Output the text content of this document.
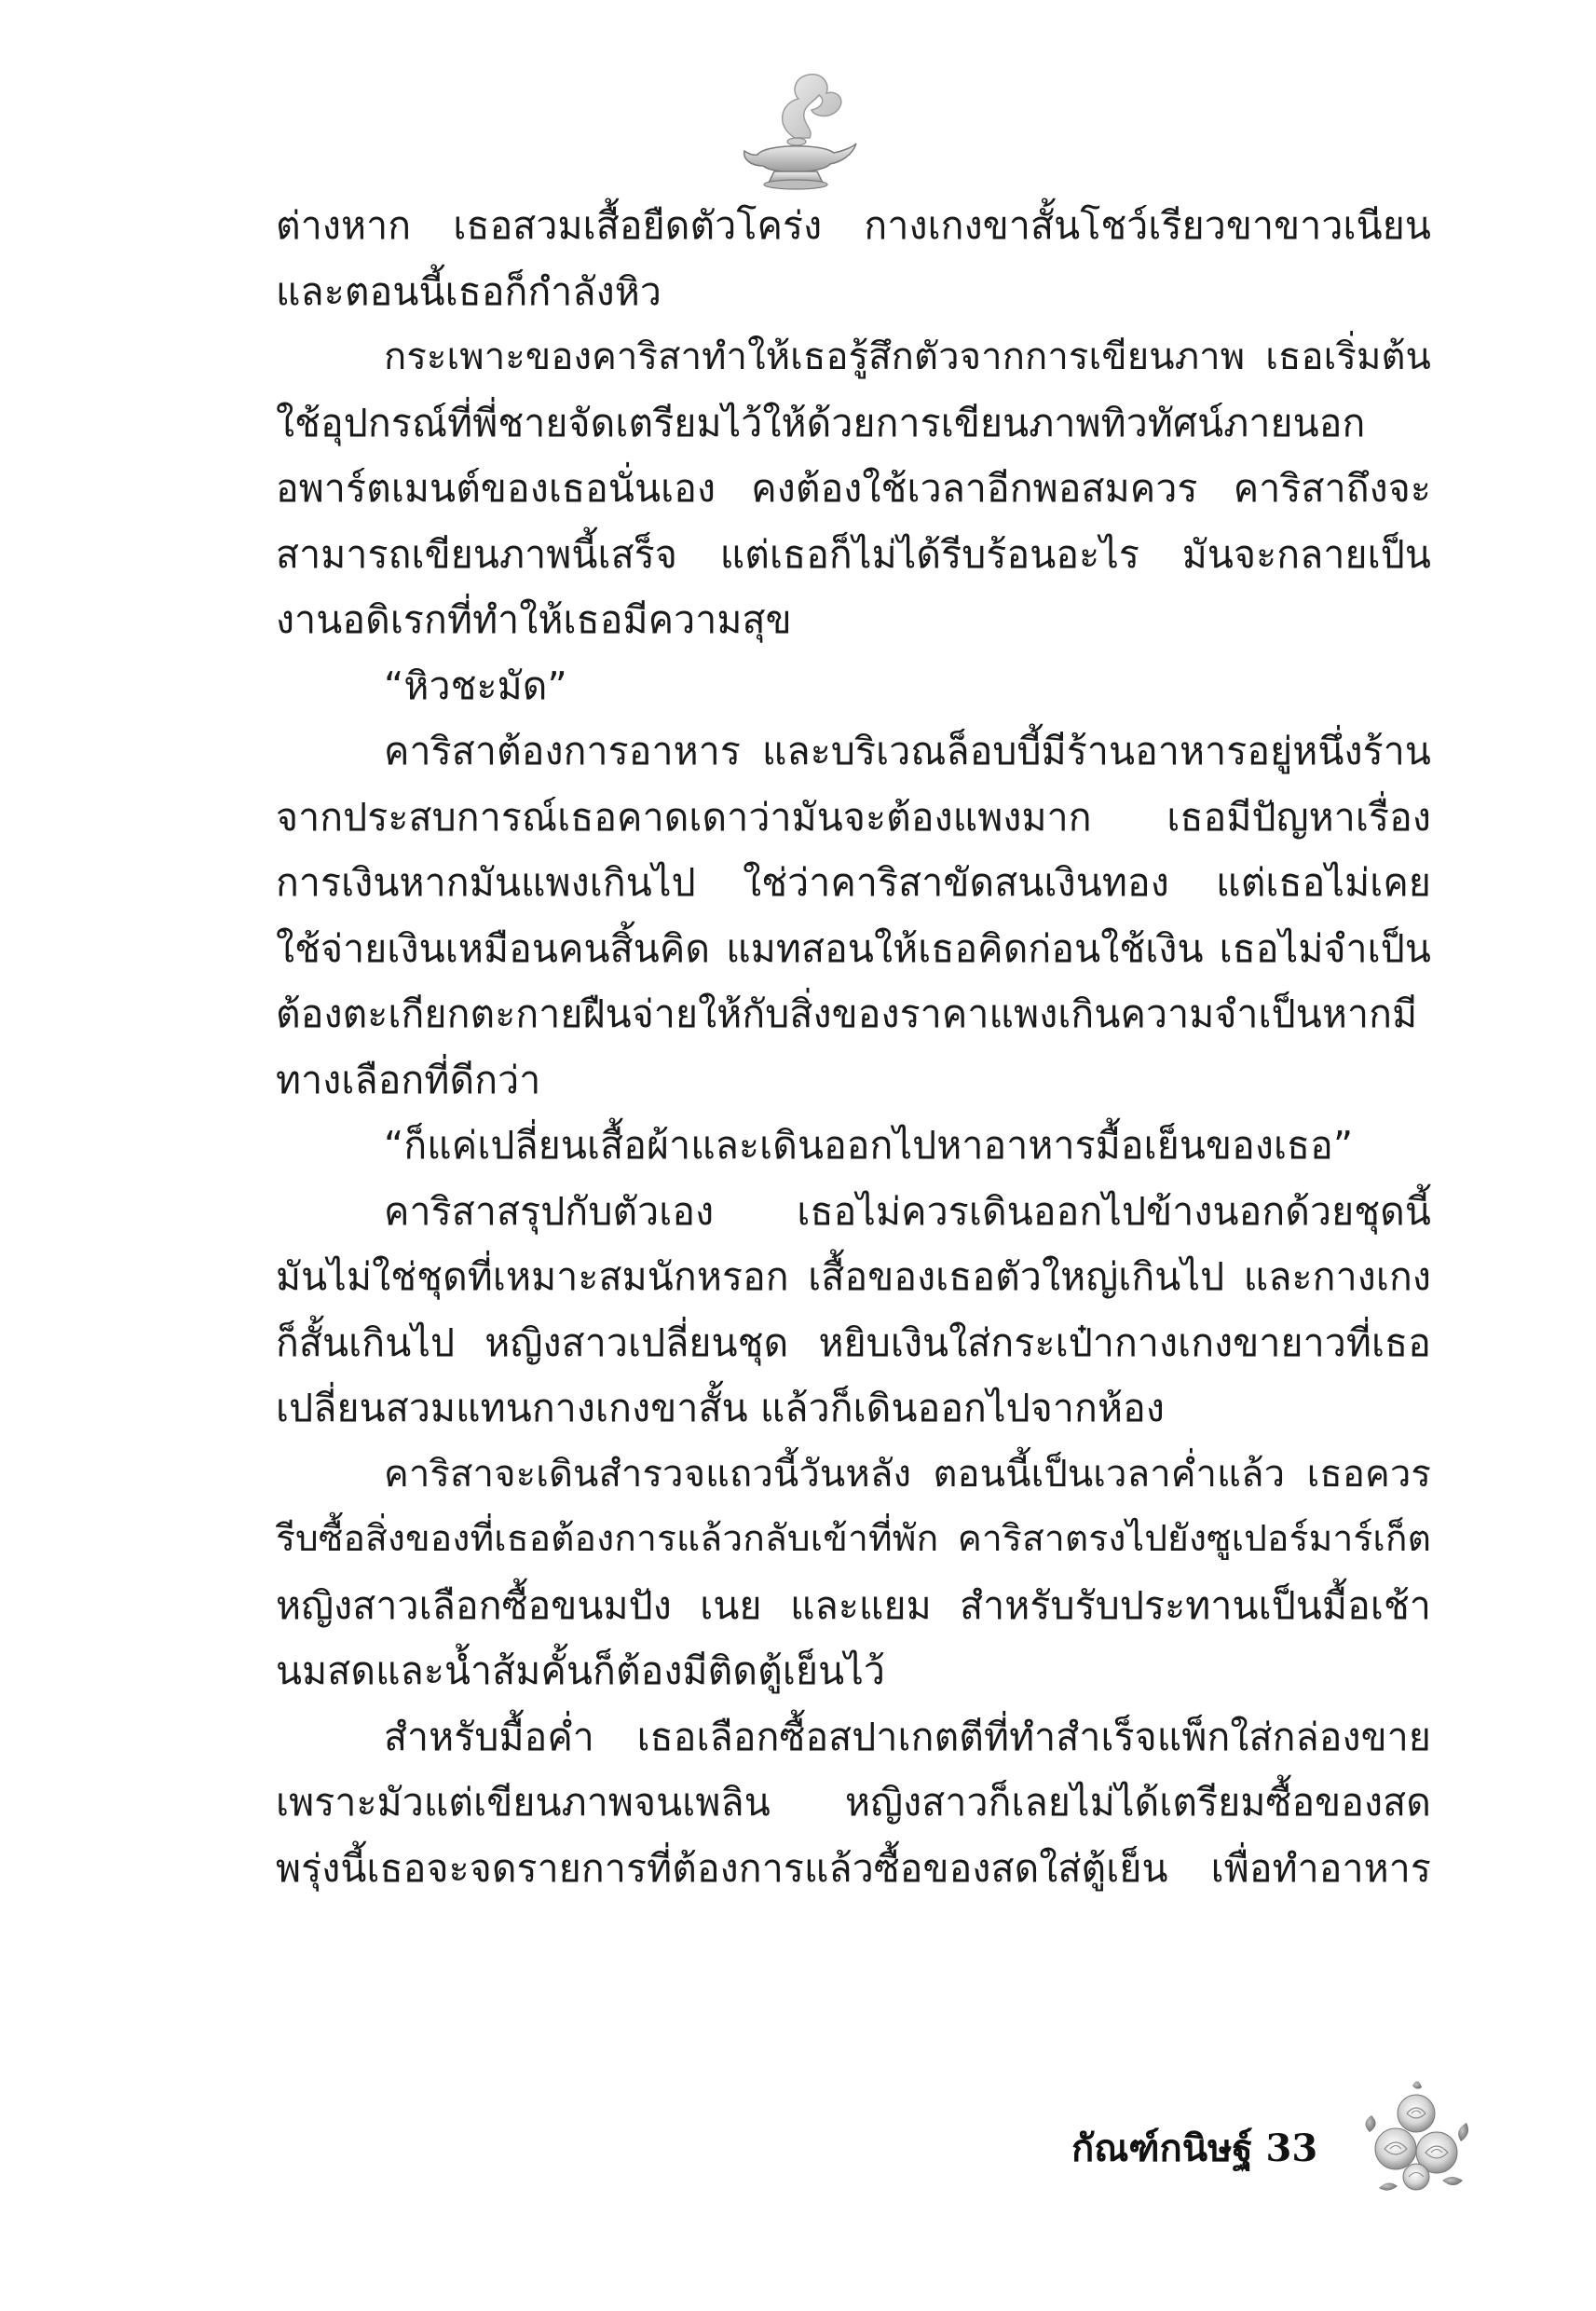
ต่างหาก เธอสวมเสื้อยืดตัวโคร่ง กางเกงขาสั้นโชว์เรียวขาขาวเนียน
และตอนนี้เธอก็กำลังหิว
กระเพาะของคาริสาทำให้เธอรู้สึกตัวจากการเขียนภาพ เธอเริ่มต้น
ใช้อุปกรณ์ที่พี่ชายจัดเตรียมไว้ให้ด้วยการเขียนภาพทิวทัศน์ภายนอก
อพาร์ตเมนต์ของเธอนั่นเอง คงต้องใช้เวลาอีกพอสมควร คาริสาถึงจะ
สามารถเขียนภาพนี้เสร็จ แต่เธอก็ไม่ได้รีบร้อนอะไร มันจะกลายเป็น
งานอดิเรกที่ทำให้เธอมีความสุข
“หิวชะมัด”
คาริสาต้องการอาหาร และบริเวณล็อบบี้มีร้านอาหารอยู่หนึ่งร้าน
จากประสบการณ์เธอคาดเดาว่ามันจะต้องแพงมาก เธอมีปัญหาเรื่อง
การเงินหากมันแพงเกินไป ใช่ว่าคาริสาขัดสนเงินทอง แต่เธอไม่เคย
ใช้จ่ายเงินเหมือนคนสิ้นคิด แมทสอนให้เธอคิดก่อนใช้เงิน เธอไม่จำเป็น
ต้องตะเกียกตะกายฝืนจ่ายให้กับสิ่งของราคาแพงเกินความจำเป็นหากมี
ทางเลือกที่ดีกว่า
“ก็แค่เปลี่ยนเสื้อผ้าและเดินออกไปหาอาหารมื้อเย็นของเธอ”
คาริสาสรุปกับตัวเอง เธอไม่ควรเดินออกไปข้างนอกด้วยชุดนี้
มันไม่ใช่ชุดที่เหมาะสมนักหรอก เสื้อของเธอตัวใหญ่เกินไป และกางเกง
ก็สั้นเกินไป หญิงสาวเปลี่ยนชุด หยิบเงินใส่กระเป๋ากางเกงขายาวที่เธอ
เปลี่ยนสวมแทนกางเกงขาสั้น แล้วก็เดินออกไปจากห้อง
คาริสาจะเดินสำรวจแถวนี้วันหลัง ตอนนี้เป็นเวลาค่ำแล้ว เธอควร
รีบซื้อสิ่งของที่เธอต้องการแล้วกลับเข้าที่พัก คาริสาตรงไปยังซูเปอร์มาร์เก็ต
หญิงสาวเลือกซื้อขนมปัง เนย และแยม สำหรับรับประทานเป็นมื้อเช้า
นมสดและน้ำส้มคั้นก็ต้องมีติดตู้เย็นไว้
สำหรับมื้อค่ำ เธอเลือกซื้อสปาเกตตีที่ทำสำเร็จแพ็กใส่กล่องขาย
เพราะมัวแต่เขียนภาพจนเพลิน หญิงสาวก็เลยไม่ได้เตรียมซื้อของสด
พรุ่งนี้เธอจะจดรายการที่ต้องการแล้วซื้อของสดใส่ตู้เย็น เพื่อทำอาหาร
กัณฑ์กนิษฐ์ 33
